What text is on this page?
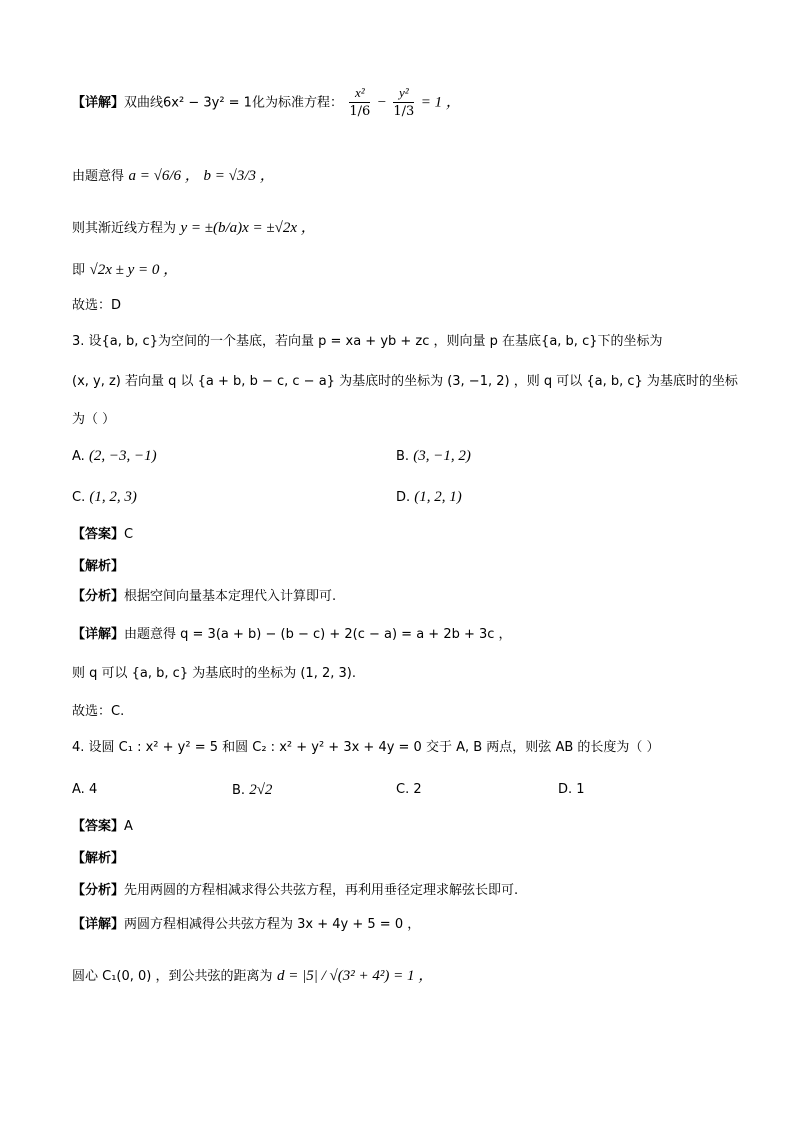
【详解】双曲线6x² − 3y² = 1化为标准方程： $\frac{\text{x²}}{1/6} - \frac{\text{y²}}{1/3} = 1$ ，
由题意得 a = √6/6 ， b = √3/3 ，
则其渐近线方程为 y = ±(b/a)x = ±√2x ，
即 √2x ± y = 0 ，
故选：D
3. 设{a, b, c}为空间的一个基底，若向量 p = xa + yb + zc ，则向量 p 在基底{a, b, c}下的坐标为
(x, y, z) 若向量 q 以 {a + b, b − c, c − a} 为基底时的坐标为 (3, −1, 2) ，则 q 可以 {a, b, c} 为基底时的坐标
为（ ）
A. (2, −3, −1)	B. (3, −1, 2)
C. (1, 2, 3)	D. (1, 2, 1)
【答案】C
【解析】
【分析】根据空间向量基本定理代入计算即可.
【详解】由题意得 q = 3(a + b) − (b − c) + 2(c − a) = a + 2b + 3c ，
则 q 可以 {a, b, c} 为基底时的坐标为 (1, 2, 3).
故选：C.
4. 设圆 C₁ : x² + y² = 5 和圆 C₂ : x² + y² + 3x + 4y = 0 交于 A, B 两点，则弦 AB 的长度为（ ）
A. 4	B. 2√2	C. 2	D. 1
【答案】A
【解析】
【分析】先用两圆的方程相减求得公共弦方程，再利用垂径定理求解弦长即可.
【详解】两圆方程相减得公共弦方程为 3x + 4y + 5 = 0 ，
圆心 C₁(0, 0) ，到公共弦的距离为 d = |5| / √(3² + 4²) = 1 ，
